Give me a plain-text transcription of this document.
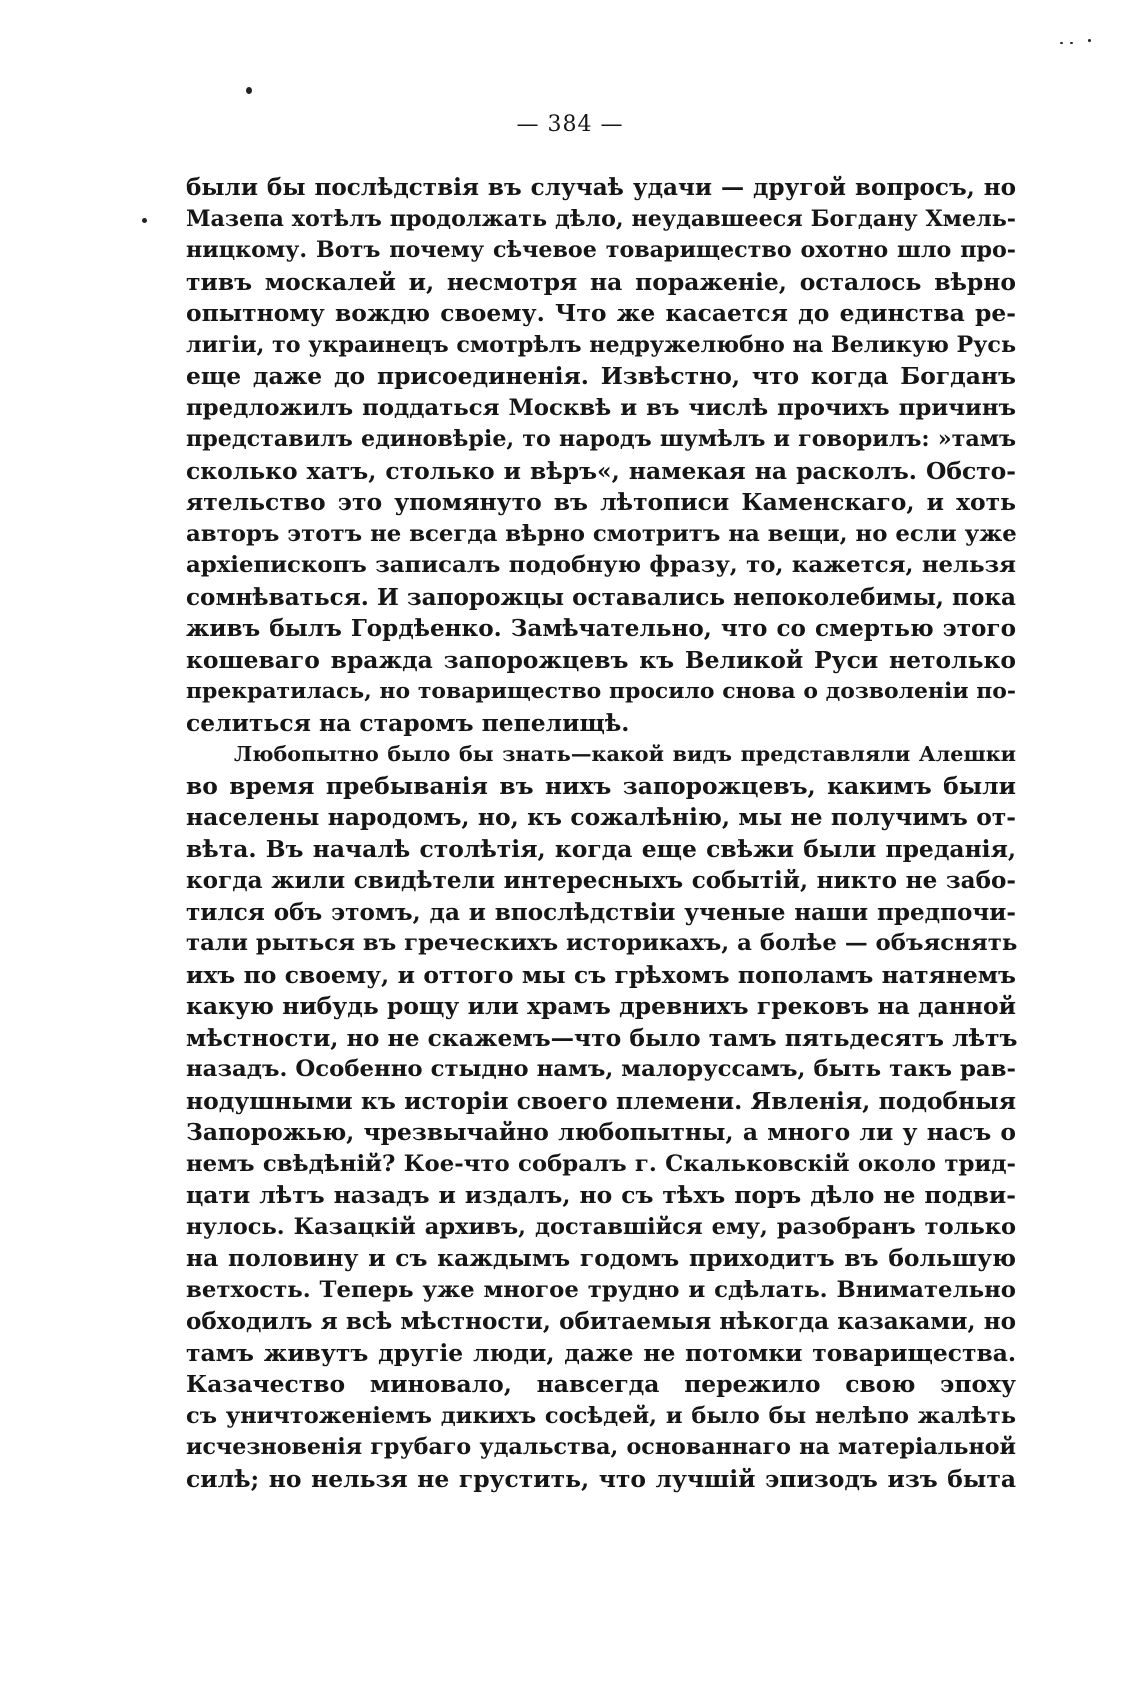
— 384 —
были бы послѣдствія въ случаѣ удачи — другой вопросъ, но
Мазепа хотѣлъ продолжать дѣло, неудавшееся Богдану Хмель-
ницкому. Вотъ почему сѣчевое товарищество охотно шло про-
тивъ москалей и, несмотря на пораженіе, осталось вѣрно
опытному вождю своему. Что же касается до единства ре-
лигіи, то украинецъ смотрѣлъ недружелюбно на Великую Русь
еще даже до присоединенія. Извѣстно, что когда Богданъ
предложилъ поддаться Москвѣ и въ числѣ прочихъ причинъ
представилъ единовѣріе, то народъ шумѣлъ и говорилъ: »тамъ
сколько хатъ, столько и вѣръ«, намекая на расколъ. Обсто-
ятельство это упомянуто въ лѣтописи Каменскаго, и хоть
авторъ этотъ не всегда вѣрно смотритъ на вещи, но если уже
архіепископъ записалъ подобную фразу, то, кажется, нельзя
сомнѣваться. И запорожцы оставались непоколебимы, пока
живъ былъ Гордѣенко. Замѣчательно, что со смертью этого
кошеваго вражда запорожцевъ къ Великой Руси нетолько
прекратилась, но товарищество просило снова о дозволеніи по-
селиться на старомъ пепелищѣ.
Любопытно было бы знать—какой видъ представляли Алешки
во время пребыванія въ нихъ запорожцевъ, какимъ были
населены народомъ, но, къ сожалѣнію, мы не получимъ от-
вѣта. Въ началѣ столѣтія, когда еще свѣжи были преданія,
когда жили свидѣтели интересныхъ событій, никто не забо-
тился объ этомъ, да и впослѣдствіи ученые наши предпочи-
тали рыться въ греческихъ историкахъ, а болѣе — объяснять
ихъ по своему, и оттого мы съ грѣхомъ пополамъ натянемъ
какую нибудь рощу или храмъ древнихъ грековъ на данной
мѣстности, но не скажемъ—что было тамъ пятьдесятъ лѣтъ
назадъ. Особенно стыдно намъ, малоруссамъ, быть такъ рав-
нодушными къ исторіи своего племени. Явленія, подобныя
Запорожью, чрезвычайно любопытны, а много ли у насъ о
немъ свѣдѣній? Кое-что собралъ г. Скальковскій около трид-
цати лѣтъ назадъ и издалъ, но съ тѣхъ поръ дѣло не подви-
нулось. Казацкій архивъ, доставшійся ему, разобранъ только
на половину и съ каждымъ годомъ приходитъ въ большую
ветхость. Теперь уже многое трудно и сдѣлать. Внимательно
обходилъ я всѣ мѣстности, обитаемыя нѣкогда казаками, но
тамъ живутъ другіе люди, даже не потомки товарищества.
Казачество миновало, навсегда пережило свою эпоху
съ уничтоженіемъ дикихъ сосѣдей, и было бы нелѣпо жалѣть
исчезновенія грубаго удальства, основаннаго на матеріальной
силѣ; но нельзя не грустить, что лучшій эпизодъ изъ быта
